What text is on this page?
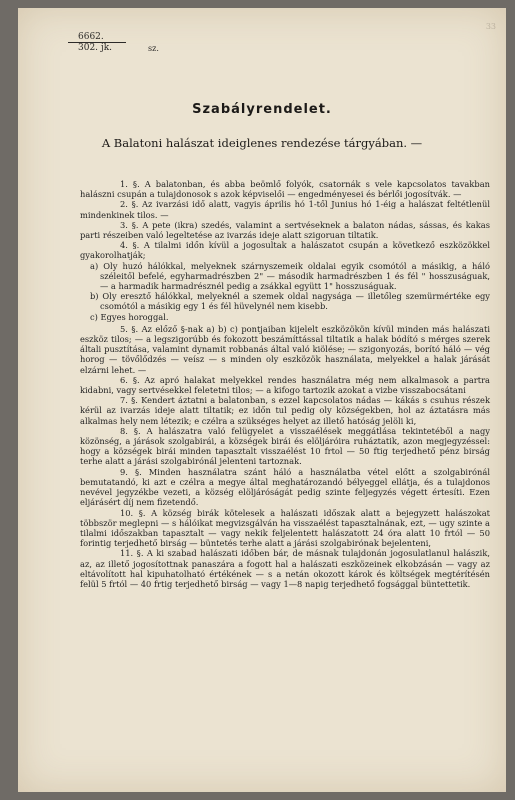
6662.
302. jk.	sz.
33
Szabályrendelet.
A Balatoni halászat ideiglenes rendezése tárgyában. —

1. §. A balatonban, és abba beömlő folyók, csatornák s vele kapcsolatos tavakban halászni csupán a tulajdonosok s azok képviselői — engedményesei és bérlői jogosítvák. —

2. §. Az ivarzási idő alatt, vagyis április hó 1-től Junius hó 1-éig a halászat feltétlenül mindenkinek tilos. —

3. §. A pete (ikra) szedés, valamint a sertvéseknek a balaton nádas, sássas, és kakas parti részeiben való legeltetése az ivarzás ideje alatt szigoruan tiltatik.

4. §. A tilalmi időn kívül a jogosultak a halászatot csupán a következő eszközökkel gyakorolhatják;

a) Oly huzó hálókkal, melyeknek szárnyszemeik oldalai egyik csomótól a másikig, a háló széleitől befelé, egyharmadrészben 2" — második harmadrészben 1 és fél " hosszuságuak, — a harmadik harmadrésznél pedig a zsákkal együtt 1" hosszuságuak.

b) Oly eresztő hálókkal, melyeknél a szemek oldal nagysága — illetőleg szemürmértéke egy csomótól a másikig egy 1 és fél hüvelynél nem kisebb.

c) Egyes horoggal.

5. §. Az előző §-nak a) b) c) pontjaiban kijelelt eszközökön kívül minden más halászati eszköz tilos; — a legszigorúbb és fokozott beszámíttással tiltatik a halak bódító s mérges szerek általi pusztítása, valamint dynamit robbanás által való kiölése; — szigonyozás, borító háló — vég horog — tövőlődzés — veísz — s minden oly eszközök használata, melyekkel a halak járását elzárni lehet. —

6. §. Az apró halakat melyekkel rendes használatra még nem alkalmasok a partra kidabni, vagy sertvésekkel feletetni tilos; — a kifogo tartozik azokat a vizbe visszabocsátani

7. §. Kendert áztatni a balatonban, s ezzel kapcsolatos nádas — kákás s csuhus részek kérül az ivarzás ideje alatt tiltatik; ez időn tul pedig oly községekben, hol az áztatásra más alkalmas hely nem létezik; e czélra a szükséges helyet az illető hatóság jelöli ki,

8. §. A halászatra való felügyelet a visszaélések meggátlása tekintetéből a nagy közönség, a járások szolgabirái, a községek birái és elöljáróira ruháztatik, azon megjegyzéssel: hogy a községek birái minden tapasztalt visszaélést 10 frtol — 50 ftig terjedhető pénz birság terhe alatt a járási szolgabirónál jelenteni tartoznak.

9. §. Minden használatra szánt háló a használatba vétel előtt a szolgabirónál bemutatandó, ki azt e czélra a megye által meghatározandó bélyeggel ellátja, és a tulajdonos nevével jegyzékbe vezeti, a község elöljáróságát pedig szinte feljegyzés végett értesíti. Ezen eljárásért díj nem fizetendő.

10. §. A község birák kötelesek a halászati időszak alatt a bejegyzett halászokat többször meglepni — s hálóikat megvizsgálván ha visszaélést tapasztalnának, ezt, — ugy szinte a tilalmi időszakban tapasztalt — vagy nekik feljelentett halászatott 24 óra alatt 10 frtól — 50 forintig terjedhető birság — büntetés terhe alatt a járási szolgabirónak bejelenteni,

11. §. A ki szabad halászati időben bár, de másnak tulajdonán jogosulatlanul halászik, az, az illető jogosítottnak panaszára a fogott hal a halászati eszközeinek elkobzásán — vagy az eltávolított hal kipuhatolható értékének — s a netán okozott károk és költségek megtérítésén felül 5 frtól — 40 frtig terjedhető birság — vagy 1—8 napig terjedhető fogsággal büntettetik.
